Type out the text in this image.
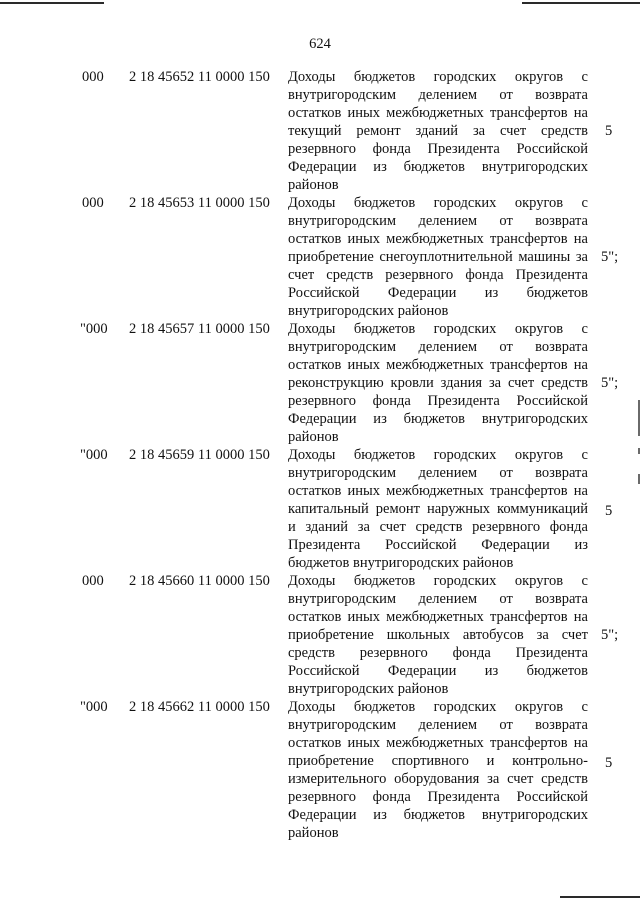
624
000 2 18 45652 11 0000 150 Доходы бюджетов городских округов с внутригородским делением от возврата остатков иных межбюджетных трансфертов на текущий ремонт зданий за счет средств резервного фонда Президента Российской Федерации из бюджетов внутригородских районов
5
000 2 18 45653 11 0000 150 Доходы бюджетов городских округов с внутригородским делением от возврата остатков иных межбюджетных трансфертов на приобретение снегоуплотнительной машины за счет средств резервного фонда Президента Российской Федерации из бюджетов внутригородских районов
5";
"000 2 18 45657 11 0000 150 Доходы бюджетов городских округов с внутригородским делением от возврата остатков иных межбюджетных трансфертов на реконструкцию кровли здания за счет средств резервного фонда Президента Российской Федерации из бюджетов внутригородских районов
5";
"000 2 18 45659 11 0000 150 Доходы бюджетов городских округов с внутригородским делением от возврата остатков иных межбюджетных трансфертов на капитальный ремонт наружных коммуникаций и зданий за счет средств резервного фонда Президента Российской Федерации из бюджетов внутригородских районов
5
000 2 18 45660 11 0000 150 Доходы бюджетов городских округов с внутригородским делением от возврата остатков иных межбюджетных трансфертов на приобретение школьных автобусов за счет средств резервного фонда Президента Российской Федерации из бюджетов внутригородских районов
5";
"000 2 18 45662 11 0000 150 Доходы бюджетов городских округов с внутригородским делением от возврата остатков иных межбюджетных трансфертов на приобретение спортивного и контрольно-измерительного оборудования за счет средств резервного фонда Президента Российской Федерации из бюджетов внутригородских районов
5
